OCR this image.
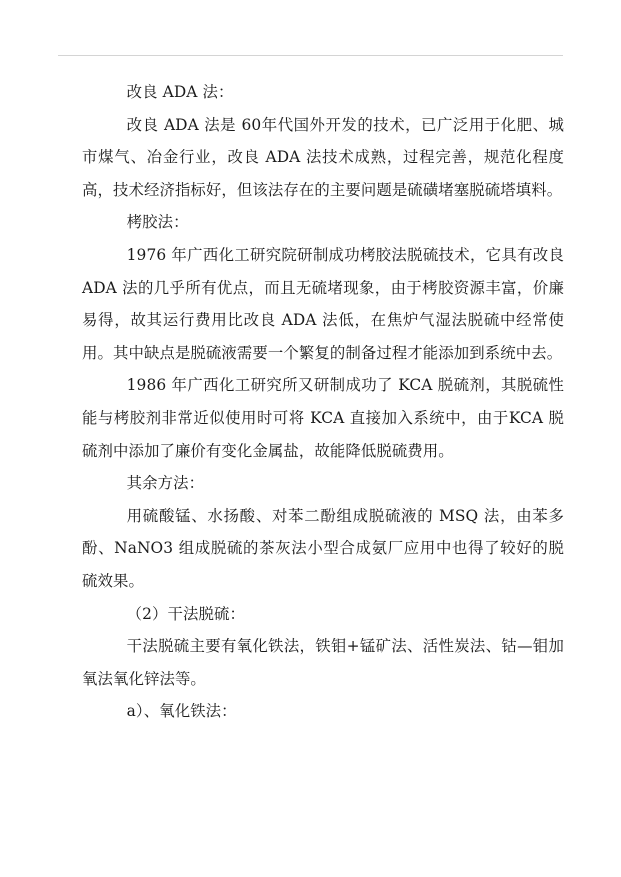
改良 ADA 法：

改良 ADA 法是 60年代国外开发的技术，已广泛用于化肥、城市煤气、冶金行业，改良 ADA 法技术成熟，过程完善，规范化程度高，技术经济指标好，但该法存在的主要问题是硫磺堵塞脱硫塔填料。

栲胶法：

1976 年广西化工研究院研制成功栲胶法脱硫技术，它具有改良 ADA 法的几乎所有优点，而且无硫堵现象，由于栲胶资源丰富，价廉易得，故其运行费用比改良 ADA 法低，在焦炉气湿法脱硫中经常使用。其中缺点是脱硫液需要一个繁复的制备过程才能添加到系统中去。

1986 年广西化工研究所又研制成功了 KCA 脱硫剂，其脱硫性能与栲胶剂非常近似使用时可将 KCA 直接加入系统中，由于KCA 脱硫剂中添加了廉价有变化金属盐，故能降低脱硫费用。

其余方法：

用硫酸锰、水扬酸、对苯二酚组成脱硫液的 MSQ 法，由苯多酚、NaNO3 组成脱硫的茶灰法小型合成氨厂应用中也得了较好的脱硫效果。

（2）干法脱硫：

干法脱硫主要有氧化铁法，铁钼+锰矿法、活性炭法、钴—钼加氧法氧化锌法等。

a）、氧化铁法：
